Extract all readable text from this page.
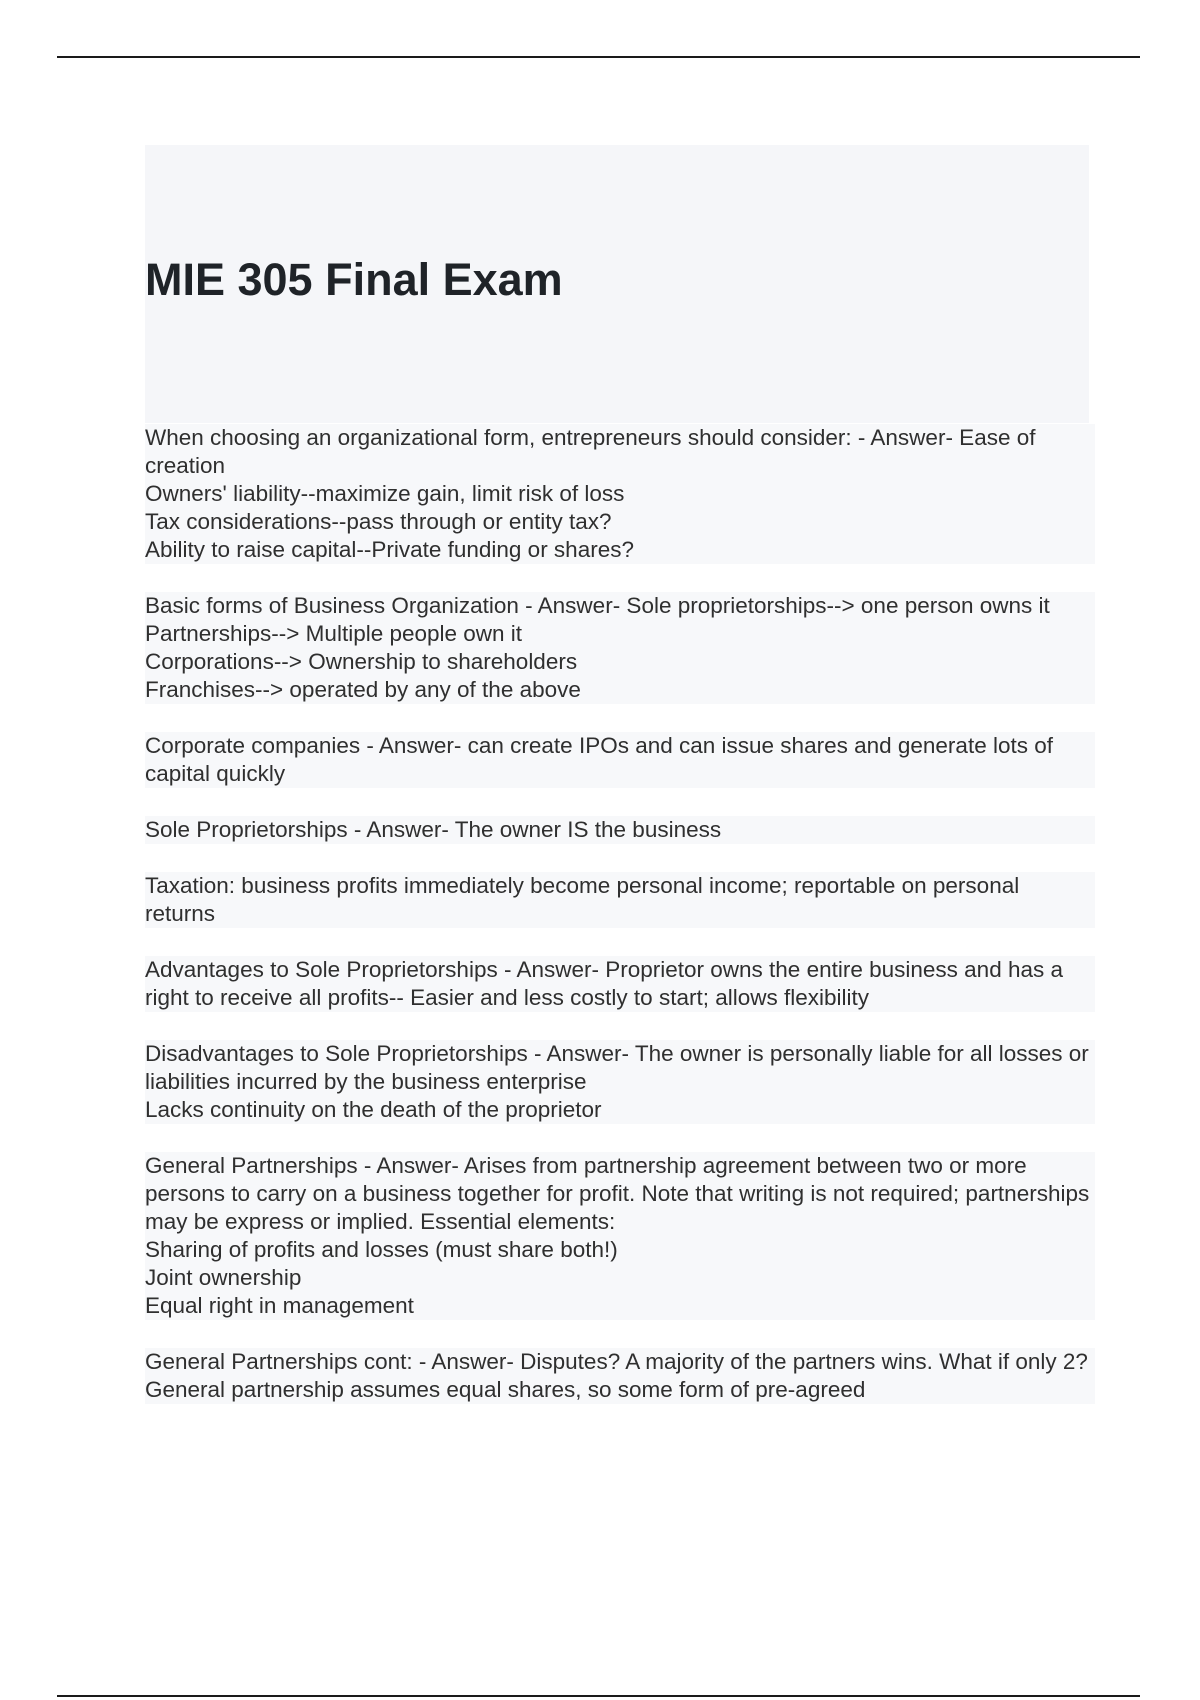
MIE 305 Final Exam
When choosing an organizational form, entrepreneurs should consider: - Answer- Ease of creation
Owners' liability--maximize gain, limit risk of loss
Tax considerations--pass through or entity tax?
Ability to raise capital--Private funding or shares?
Basic forms of Business Organization - Answer- Sole proprietorships--> one person owns it
Partnerships--> Multiple people own it
Corporations--> Ownership to shareholders
Franchises--> operated by any of the above
Corporate companies - Answer- can create IPOs and can issue shares and generate lots of capital quickly
Sole Proprietorships - Answer- The owner IS the business
Taxation: business profits immediately become personal income; reportable on personal returns
Advantages to Sole Proprietorships - Answer- Proprietor owns the entire business and has a right to receive all profits-- Easier and less costly to start; allows flexibility
Disadvantages to Sole Proprietorships - Answer- The owner is personally liable for all losses or liabilities incurred by the business enterprise
Lacks continuity on the death of the proprietor
General Partnerships - Answer- Arises from partnership agreement between two or more persons to carry on a business together for profit. Note that writing is not required; partnerships may be express or implied. Essential elements:
Sharing of profits and losses (must share both!)
Joint ownership
Equal right in management
General Partnerships cont: - Answer- Disputes? A majority of the partners wins. What if only 2? General partnership assumes equal shares, so some form of pre-agreed
